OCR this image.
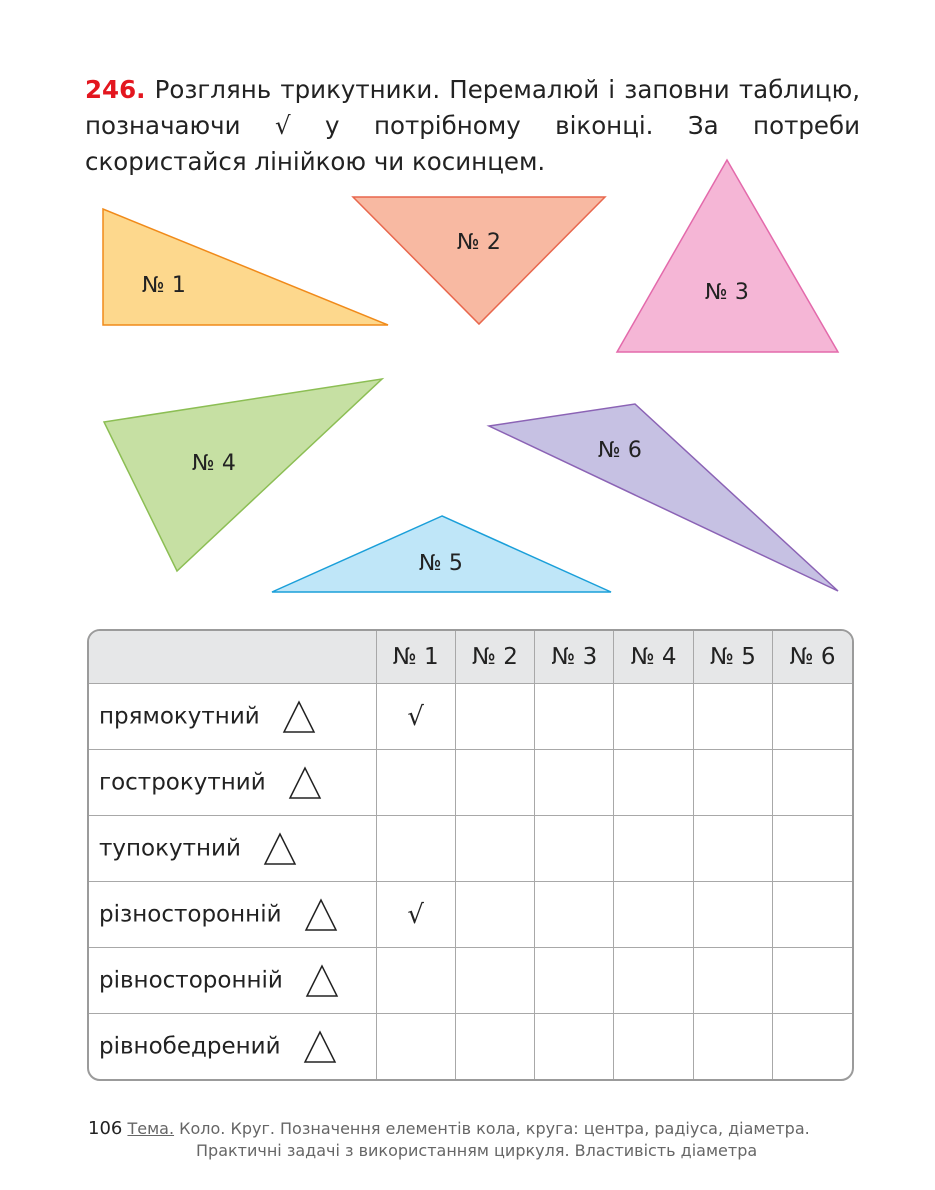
246. Розглянь трикутники. Перемалюй і заповни таблицю, позначаючи √ у потрібному віконці. За потреби скористайся лінійкою чи косинцем.
№ 1
№ 2
№ 3
№ 4
№ 5
№ 6
	№ 1	№ 2	№ 3	№ 4	№ 5	№ 6
прямокутний	√					
гострокутний						
тупокутний						
різносторонній	√					
рівносторонній						
рівнобедрений						
106 Тема. Коло. Круг. Позначення елементів кола, круга: центра, радіуса, діаметра.
Практичні задачі з використанням циркуля. Властивість діаметра
